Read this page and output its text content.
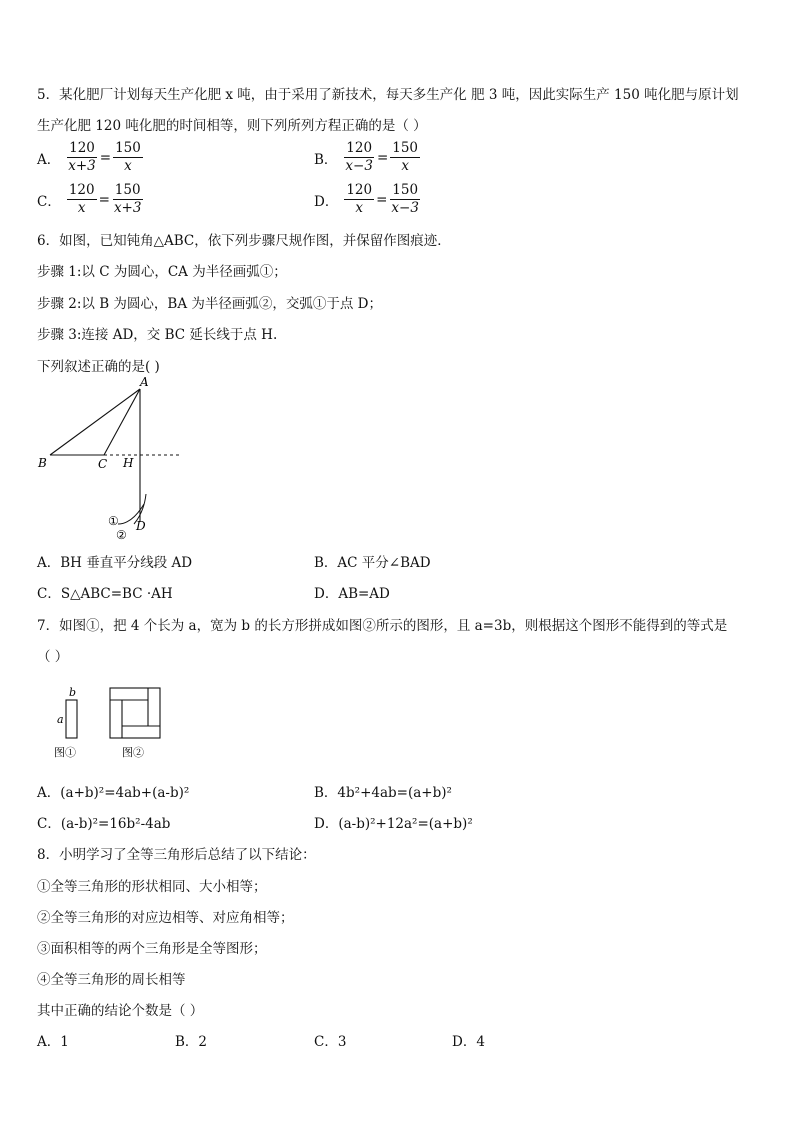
5．某化肥厂计划每天生产化肥 x 吨，由于采用了新技术，每天多生产化 肥 3 吨，因此实际生产 150 吨化肥与原计划
生产化肥 120 吨化肥的时间相等，则下列所列方程正确的是（ ）
A． $\frac{120}{x+3} = \frac{150}{x}$	B． $\frac{120}{x-3} = \frac{150}{x}$
C． $\frac{120}{x} = \frac{150}{x+3}$	D． $\frac{120}{x} = \frac{150}{x-3}$
6．如图，已知钝角△ABC，依下列步骤尺规作图，并保留作图痕迹．
步骤 1:以 C 为圆心，CA 为半径画弧①；
步骤 2:以 B 为圆心，BA 为半径画弧②，交弧①于点 D；
步骤 3:连接 AD，交 BC 延长线于点 H.
下列叙述正确的是( )
A
B	C H
D
①
②
A．BH 垂直平分线段 AD	B．AC 平分∠BAD
C．S△ABC=BC ·AH	D．AB=AD
7．如图①，把 4 个长为 a，宽为 b 的长方形拼成如图②所示的图形，且 a=3b，则根据这个图形不能得到的等式是
（ ）
b
a
图①	图②
A．(a+b)²=4ab+(a-b)²	B．4b²+4ab=(a+b)²
C．(a-b)²=16b²-4ab	D．(a-b)²+12a²=(a+b)²
8．小明学习了全等三角形后总结了以下结论：
①全等三角形的形状相同、大小相等；
②全等三角形的对应边相等、对应角相等；
③面积相等的两个三角形是全等图形；
④全等三角形的周长相等
其中正确的结论个数是（ ）
A．1	B．2	C．3	D．4
